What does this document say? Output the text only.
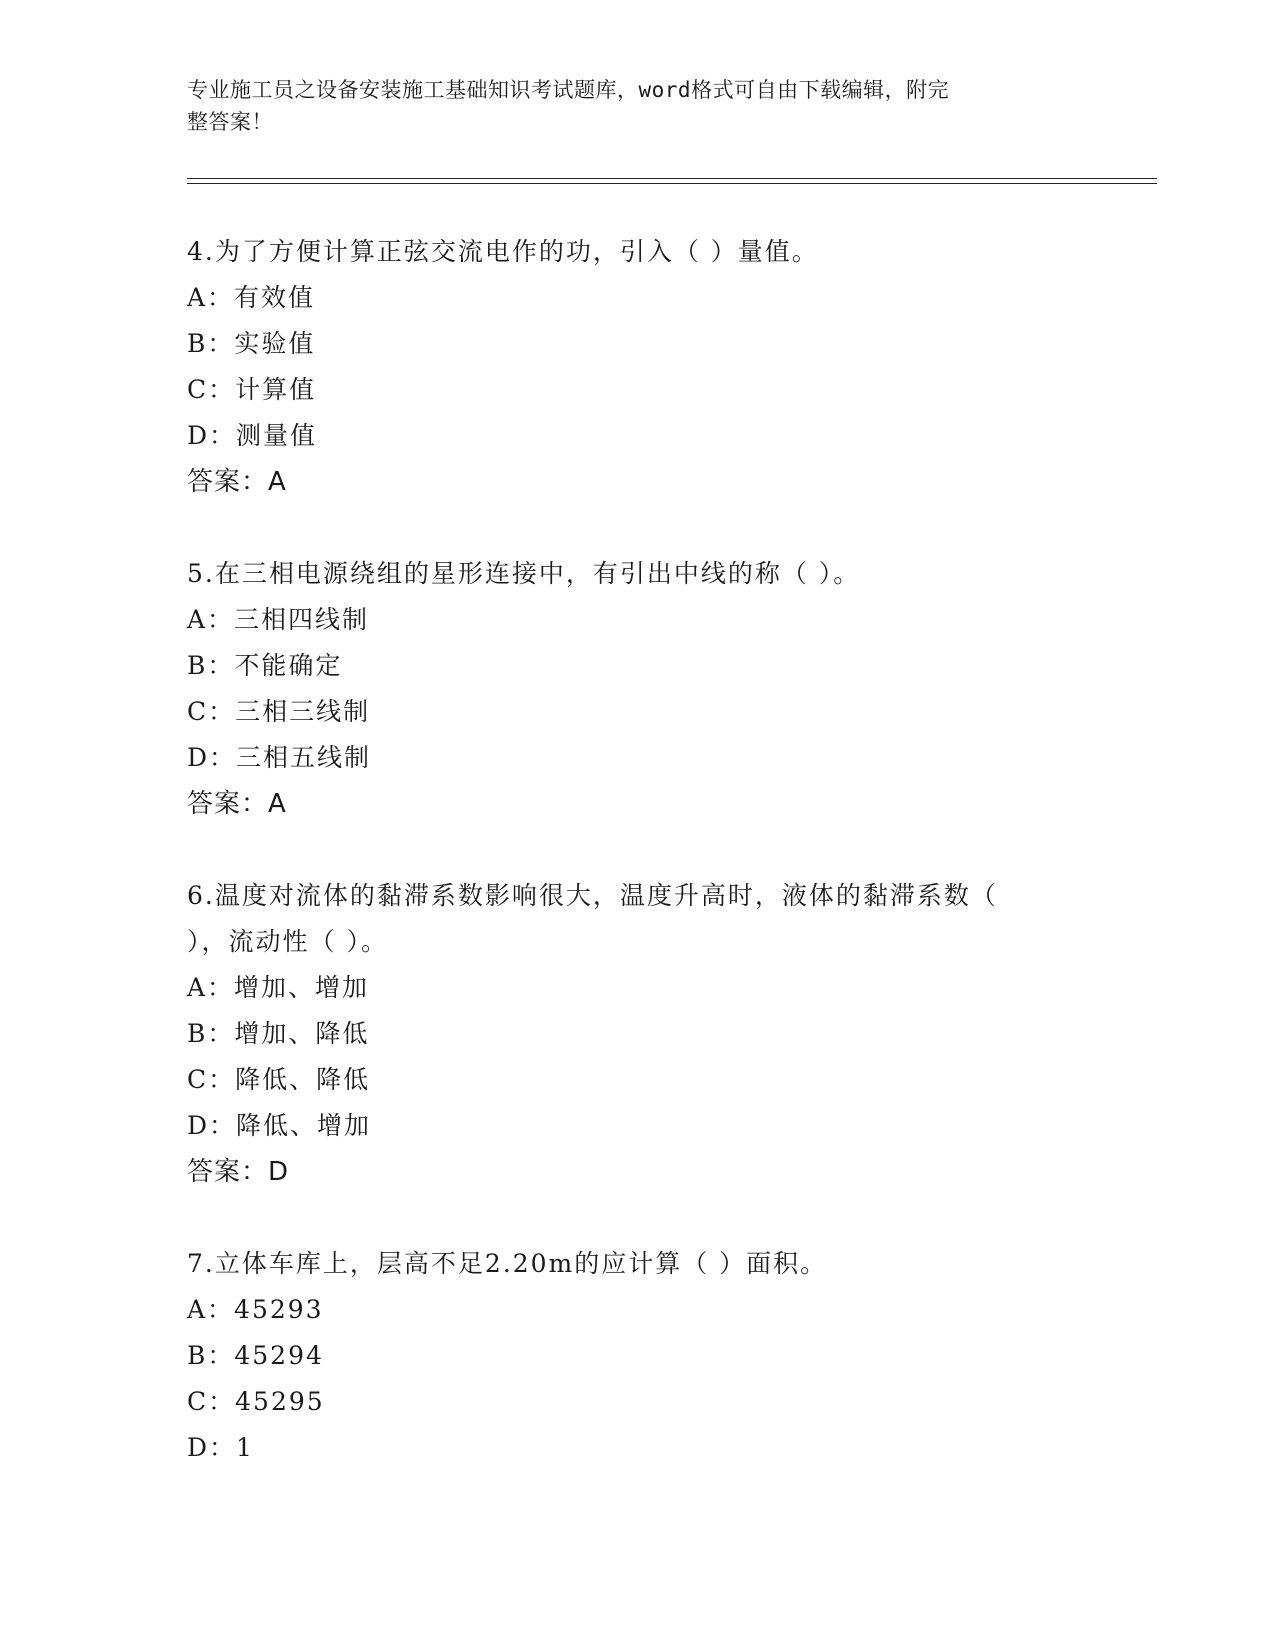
专业施工员之设备安装施工基础知识考试题库，word格式可自由下载编辑，附完
整答案！
4.为了方便计算正弦交流电作的功，引入（ ）量值。
A：有效值
B：实验值
C：计算值
D：测量值
答案：A
5.在三相电源绕组的星形连接中，有引出中线的称（ ）。
A：三相四线制
B：不能确定
C：三相三线制
D：三相五线制
答案：A
6.温度对流体的黏滞系数影响很大，温度升高时，液体的黏滞系数（
），流动性（ ）。
A：增加、增加
B：增加、降低
C：降低、降低
D：降低、增加
答案：D
7.立体车库上，层高不足2.20m的应计算（ ）面积。
A：45293
B：45294
C：45295
D：1
